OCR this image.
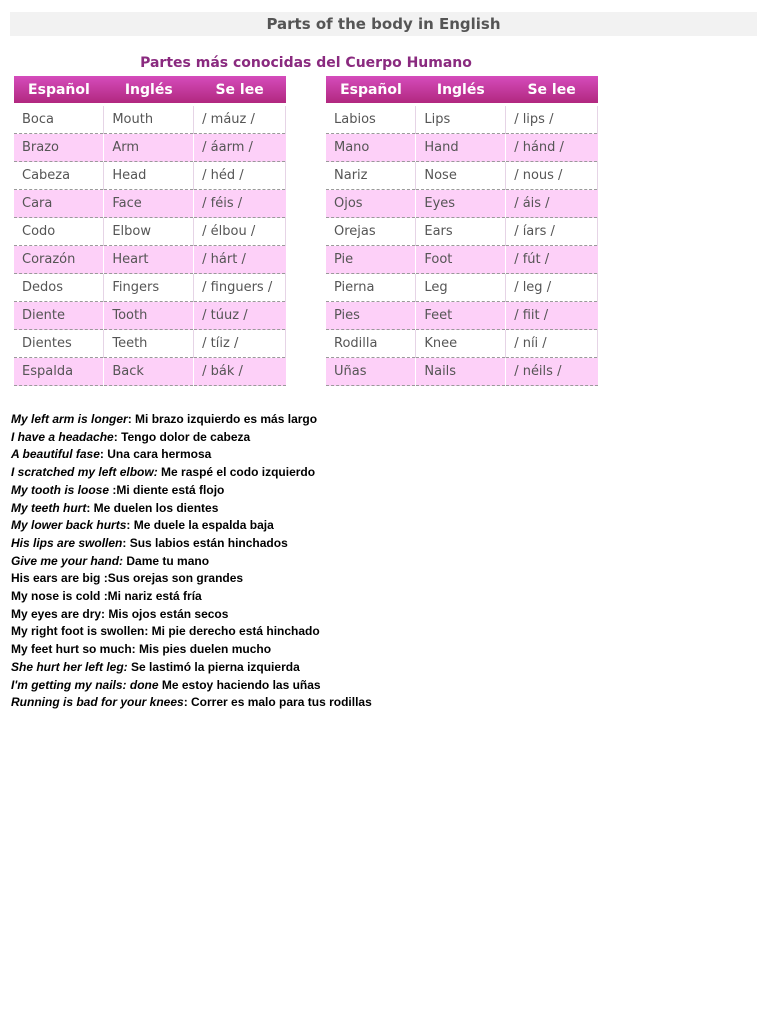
Parts of the body in English
Partes más conocidas del Cuerpo Humano
Español	Inglés	Se lee
Boca	Mouth	/ máuz /
Brazo	Arm	/ áarm /
Cabeza	Head	/ héd /
Cara	Face	/ féis /
Codo	Elbow	/ élbou /
Corazón	Heart	/ hárt /
Dedos	Fingers	/ finguers /
Diente	Tooth	/ túuz /
Dientes	Teeth	/ tíiz /
Espalda	Back	/ bák /
Español	Inglés	Se lee
Labios	Lips	/ lips /
Mano	Hand	/ hánd /
Nariz	Nose	/ nous /
Ojos	Eyes	/ áis /
Orejas	Ears	/ íars /
Pie	Foot	/ fút /
Pierna	Leg	/ leg /
Pies	Feet	/ fiit /
Rodilla	Knee	/ níi /
Uñas	Nails	/ néils /
My left arm is longer: Mi brazo izquierdo es más largo
I have a headache: Tengo dolor de cabeza
A beautiful fase: Una cara hermosa
I scratched my left elbow: Me raspé el codo izquierdo
My tooth is loose :Mi diente está flojo
My teeth hurt: Me duelen los dientes
My lower back hurts: Me duele la espalda baja
His lips are swollen: Sus labios están hinchados
Give me your hand: Dame tu mano
His ears are big :Sus orejas son grandes
My nose is cold :Mi nariz está fría
My eyes are dry: Mis ojos están secos
My right foot is swollen: Mi pie derecho está hinchado
My feet hurt so much: Mis pies duelen mucho
She hurt her left leg: Se lastimó la pierna izquierda
I'm getting my nails: done Me estoy haciendo las uñas
Running is bad for your knees: Correr es malo para tus rodillas
